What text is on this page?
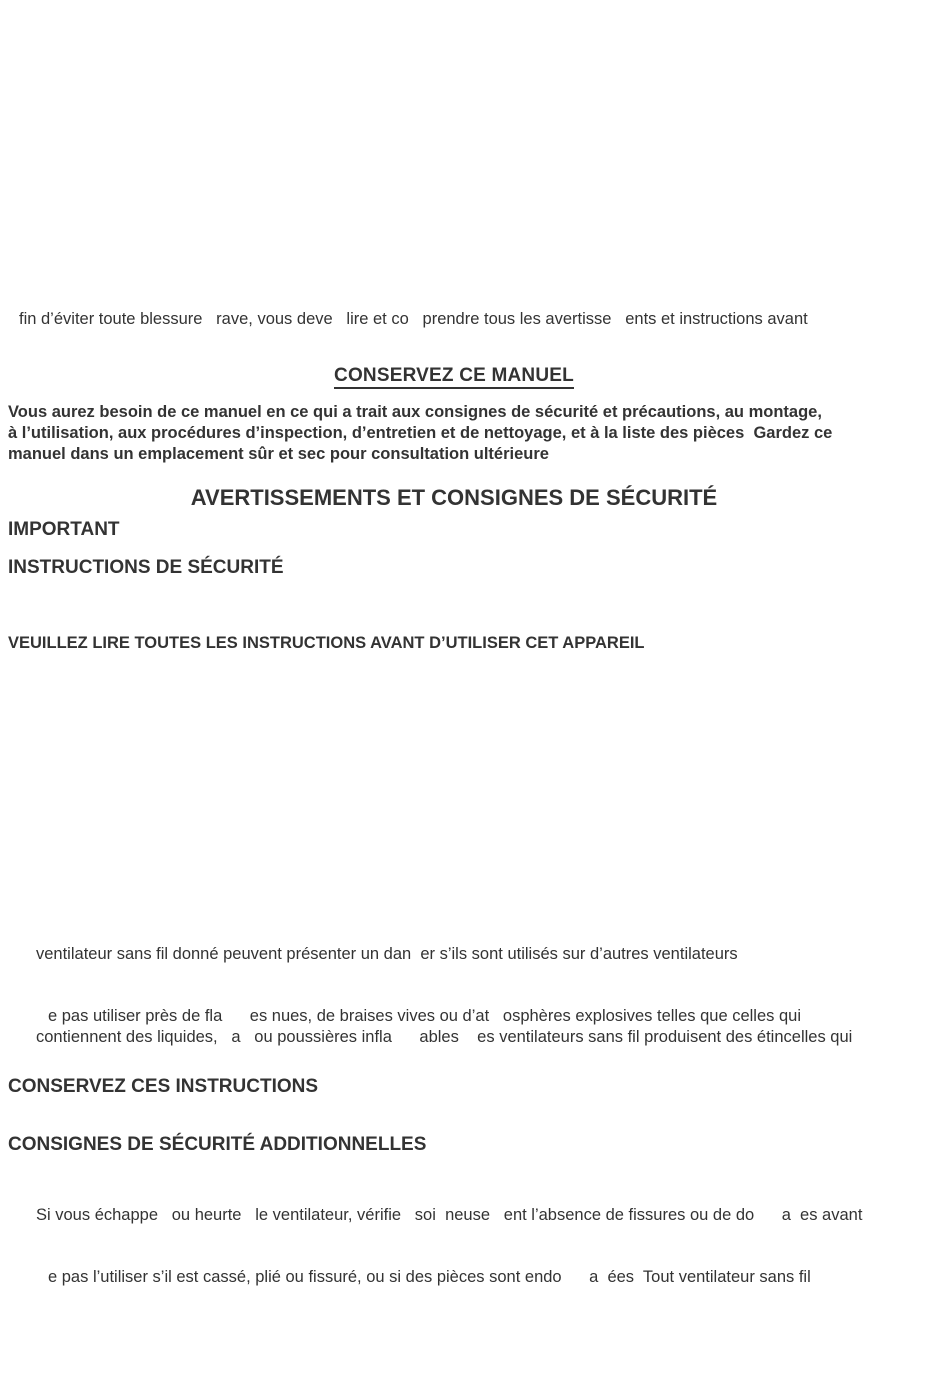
fin d’éviter toute blessure   rave, vous deve   lire et co   prendre tous les avertisse   ents et instructions avant
CONSERVEZ CE MANUEL
Vous aurez besoin de ce manuel en ce qui a trait aux consignes de sécurité et précautions, au montage,
à l’utilisation, aux procédures d’inspection, d’entretien et de nettoyage, et à la liste des pièces  Gardez ce
manuel dans un emplacement sûr et sec pour consultation ultérieure
AVERTISSEMENTS ET CONSIGNES DE SÉCURITÉ
IMPORTANT
INSTRUCTIONS DE SÉCURITÉ
VEUILLEZ LIRE TOUTES LES INSTRUCTIONS AVANT D’UTILISER CET APPAREIL
ventilateur sans fil donné peuvent présenter un dan  er s’ils sont utilisés sur d’autres ventilateurs
e pas utiliser près de fla      es nues, de braises vives ou d’at   osphères explosives telles que celles qui
contiennent des liquides,   a   ou poussières infla      ables    es ventilateurs sans fil produisent des étincelles qui
CONSERVEZ CES INSTRUCTIONS
CONSIGNES DE SÉCURITÉ ADDITIONNELLES
Si vous échappe   ou heurte   le ventilateur, vérifie   soi  neuse   ent l’absence de fissures ou de do      a  es avant
e pas l’utiliser s’il est cassé, plié ou fissuré, ou si des pièces sont endo      a  ées  Tout ventilateur sans fil
